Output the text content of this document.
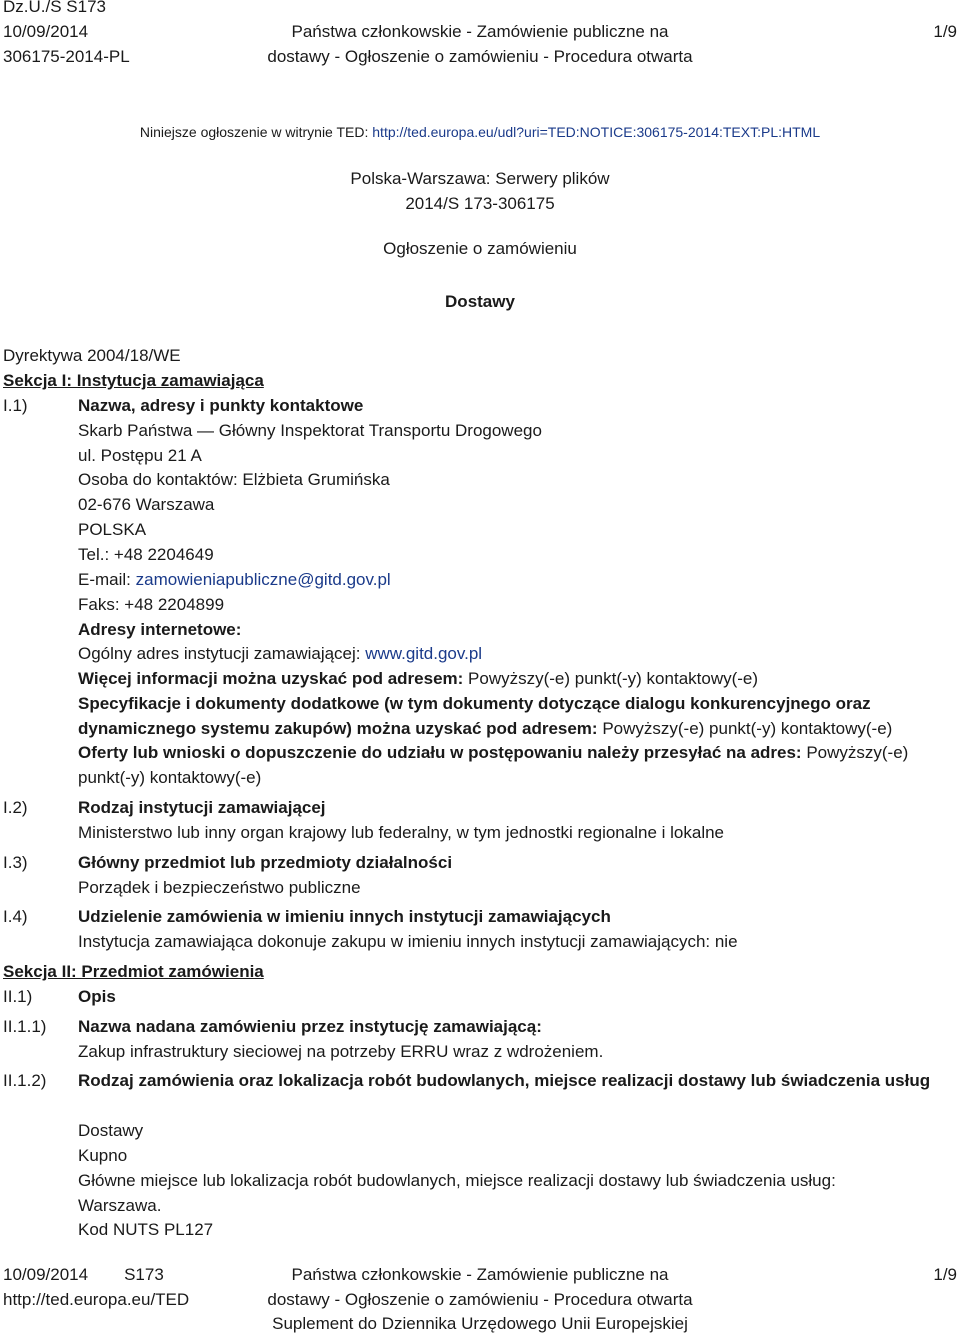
Dz.U./S S173
10/09/2014
306175-2014-PL
Państwa członkowskie - Zamówienie publiczne na
dostawy - Ogłoszenie o zamówieniu - Procedura otwarta
1/9
Niniejsze ogłoszenie w witrynie TED: http://ted.europa.eu/udl?uri=TED:NOTICE:306175-2014:TEXT:PL:HTML
Polska-Warszawa: Serwery plików
2014/S 173-306175
Ogłoszenie o zamówieniu
Dostawy
Dyrektywa 2004/18/WE
Sekcja I: Instytucja zamawiająca
I.1)	Nazwa, adresy i punkty kontaktowe
Skarb Państwa — Główny Inspektorat Transportu Drogowego
ul. Postępu 21 A
Osoba do kontaktów: Elżbieta Grumińska
02-676 Warszawa
POLSKA
Tel.: +48 2204649
E-mail: zamowieniapubliczne@gitd.gov.pl
Faks: +48 2204899
Adresy internetowe:
Ogólny adres instytucji zamawiającej: www.gitd.gov.pl
Więcej informacji można uzyskać pod adresem: Powyższy(-e) punkt(-y) kontaktowy(-e)
Specyfikacje i dokumenty dodatkowe (w tym dokumenty dotyczące dialogu konkurencyjnego oraz dynamicznego systemu zakupów) można uzyskać pod adresem: Powyższy(-e) punkt(-y) kontaktowy(-e)
Oferty lub wnioski o dopuszczenie do udziału w postępowaniu należy przesyłać na adres: Powyższy(-e) punkt(-y) kontaktowy(-e)
I.2)	Rodzaj instytucji zamawiającej
Ministerstwo lub inny organ krajowy lub federalny, w tym jednostki regionalne i lokalne
I.3)	Główny przedmiot lub przedmioty działalności
Porządek i bezpieczeństwo publiczne
I.4)	Udzielenie zamówienia w imieniu innych instytucji zamawiających
Instytucja zamawiająca dokonuje zakupu w imieniu innych instytucji zamawiających: nie
Sekcja II: Przedmiot zamówienia
II.1)	Opis
II.1.1) Nazwa nadana zamówieniu przez instytucję zamawiającą:
Zakup infrastruktury sieciowej na potrzeby ERRU wraz z wdrożeniem.
II.1.2) Rodzaj zamówienia oraz lokalizacja robót budowlanych, miejsce realizacji dostawy lub świadczenia usług
Dostawy
Kupno
Główne miejsce lub lokalizacja robót budowlanych, miejsce realizacji dostawy lub świadczenia usług: Warszawa.
Kod NUTS PL127
10/09/2014 S173
http://ted.europa.eu/TED
Państwa członkowskie - Zamówienie publiczne na
dostawy - Ogłoszenie o zamówieniu - Procedura otwarta
Suplement do Dziennika Urzędowego Unii Europejskiej
1/9
